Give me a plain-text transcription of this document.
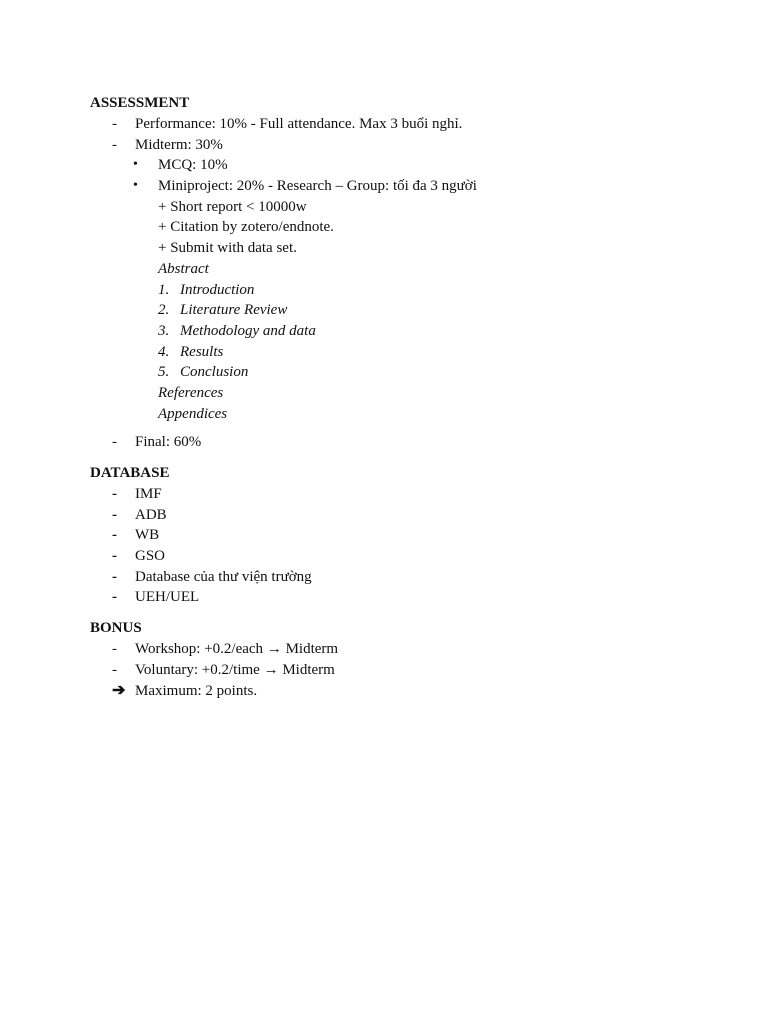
ASSESSMENT
- Performance: 10% - Full attendance. Max 3 buổi nghỉ.
- Midterm: 30%
• MCQ: 10%
• Miniproject: 20% - Research – Group: tối đa 3 người
+ Short report < 10000w
+ Citation by zotero/endnote.
+ Submit with data set.
Abstract
1. Introduction
2. Literature Review
3. Methodology and data
4. Results
5. Conclusion
References
Appendices
- Final: 60%
DATABASE
- IMF
- ADB
- WB
- GSO
- Database của thư viện trường
- UEH/UEL
BONUS
- Workshop: +0.2/each → Midterm
- Voluntary: +0.2/time → Midterm
➔ Maximum: 2 points.
